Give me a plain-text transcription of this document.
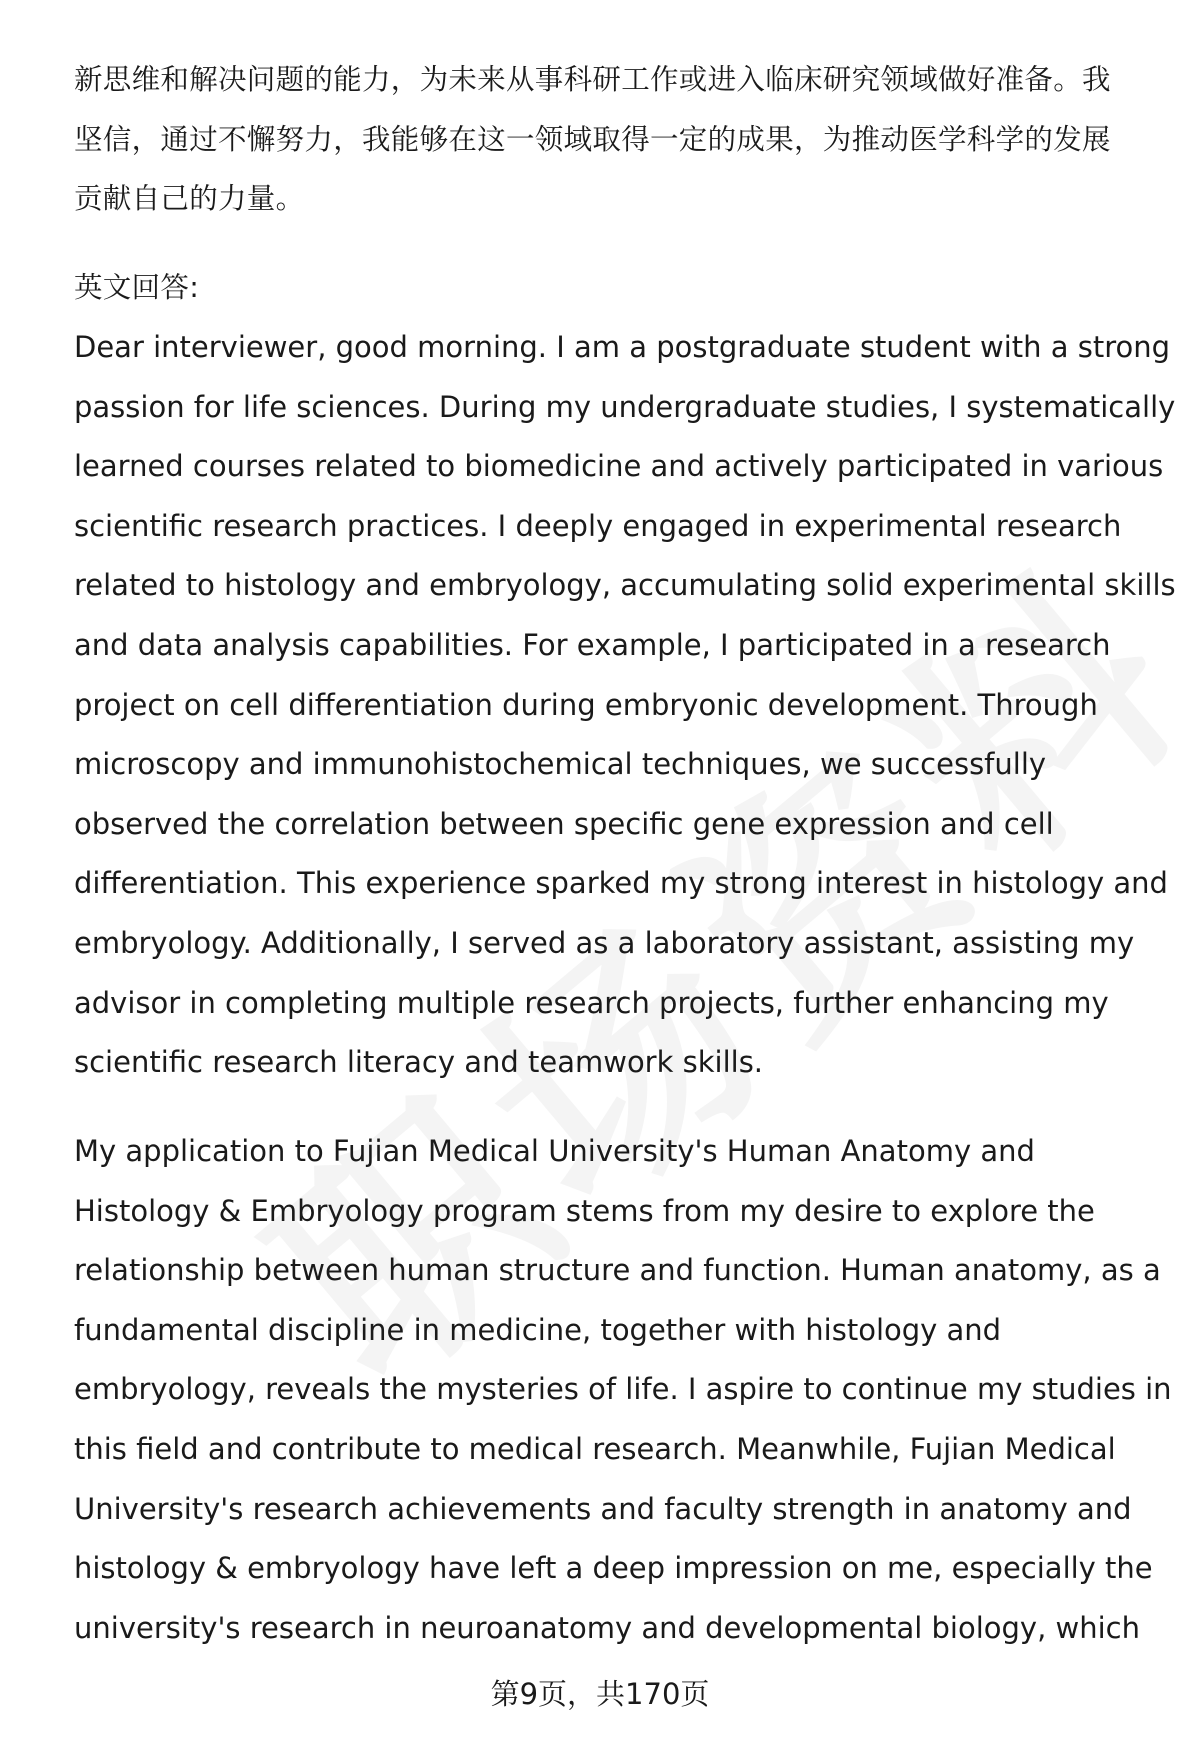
新思维和解决问题的能力，为未来从事科研工作或进入临床研究领域做好准备。我
坚信，通过不懈努力，我能够在这一领域取得一定的成果，为推动医学科学的发展
贡献自己的力量。
英文回答:
Dear interviewer, good morning. I am a postgraduate student with a strong
passion for life sciences. During my undergraduate studies, I systematically
learned courses related to biomedicine and actively participated in various
scientific research practices. I deeply engaged in experimental research
related to histology and embryology, accumulating solid experimental skills
and data analysis capabilities. For example, I participated in a research
project on cell differentiation during embryonic development. Through
microscopy and immunohistochemical techniques, we successfully
observed the correlation between specific gene expression and cell
differentiation. This experience sparked my strong interest in histology and
embryology. Additionally, I served as a laboratory assistant, assisting my
advisor in completing multiple research projects, further enhancing my
scientific research literacy and teamwork skills.
My application to Fujian Medical University's Human Anatomy and
Histology & Embryology program stems from my desire to explore the
relationship between human structure and function. Human anatomy, as a
fundamental discipline in medicine, together with histology and
embryology, reveals the mysteries of life. I aspire to continue my studies in
this field and contribute to medical research. Meanwhile, Fujian Medical
University's research achievements and faculty strength in anatomy and
histology & embryology have left a deep impression on me, especially the
university's research in neuroanatomy and developmental biology, which
第9页，共170页
